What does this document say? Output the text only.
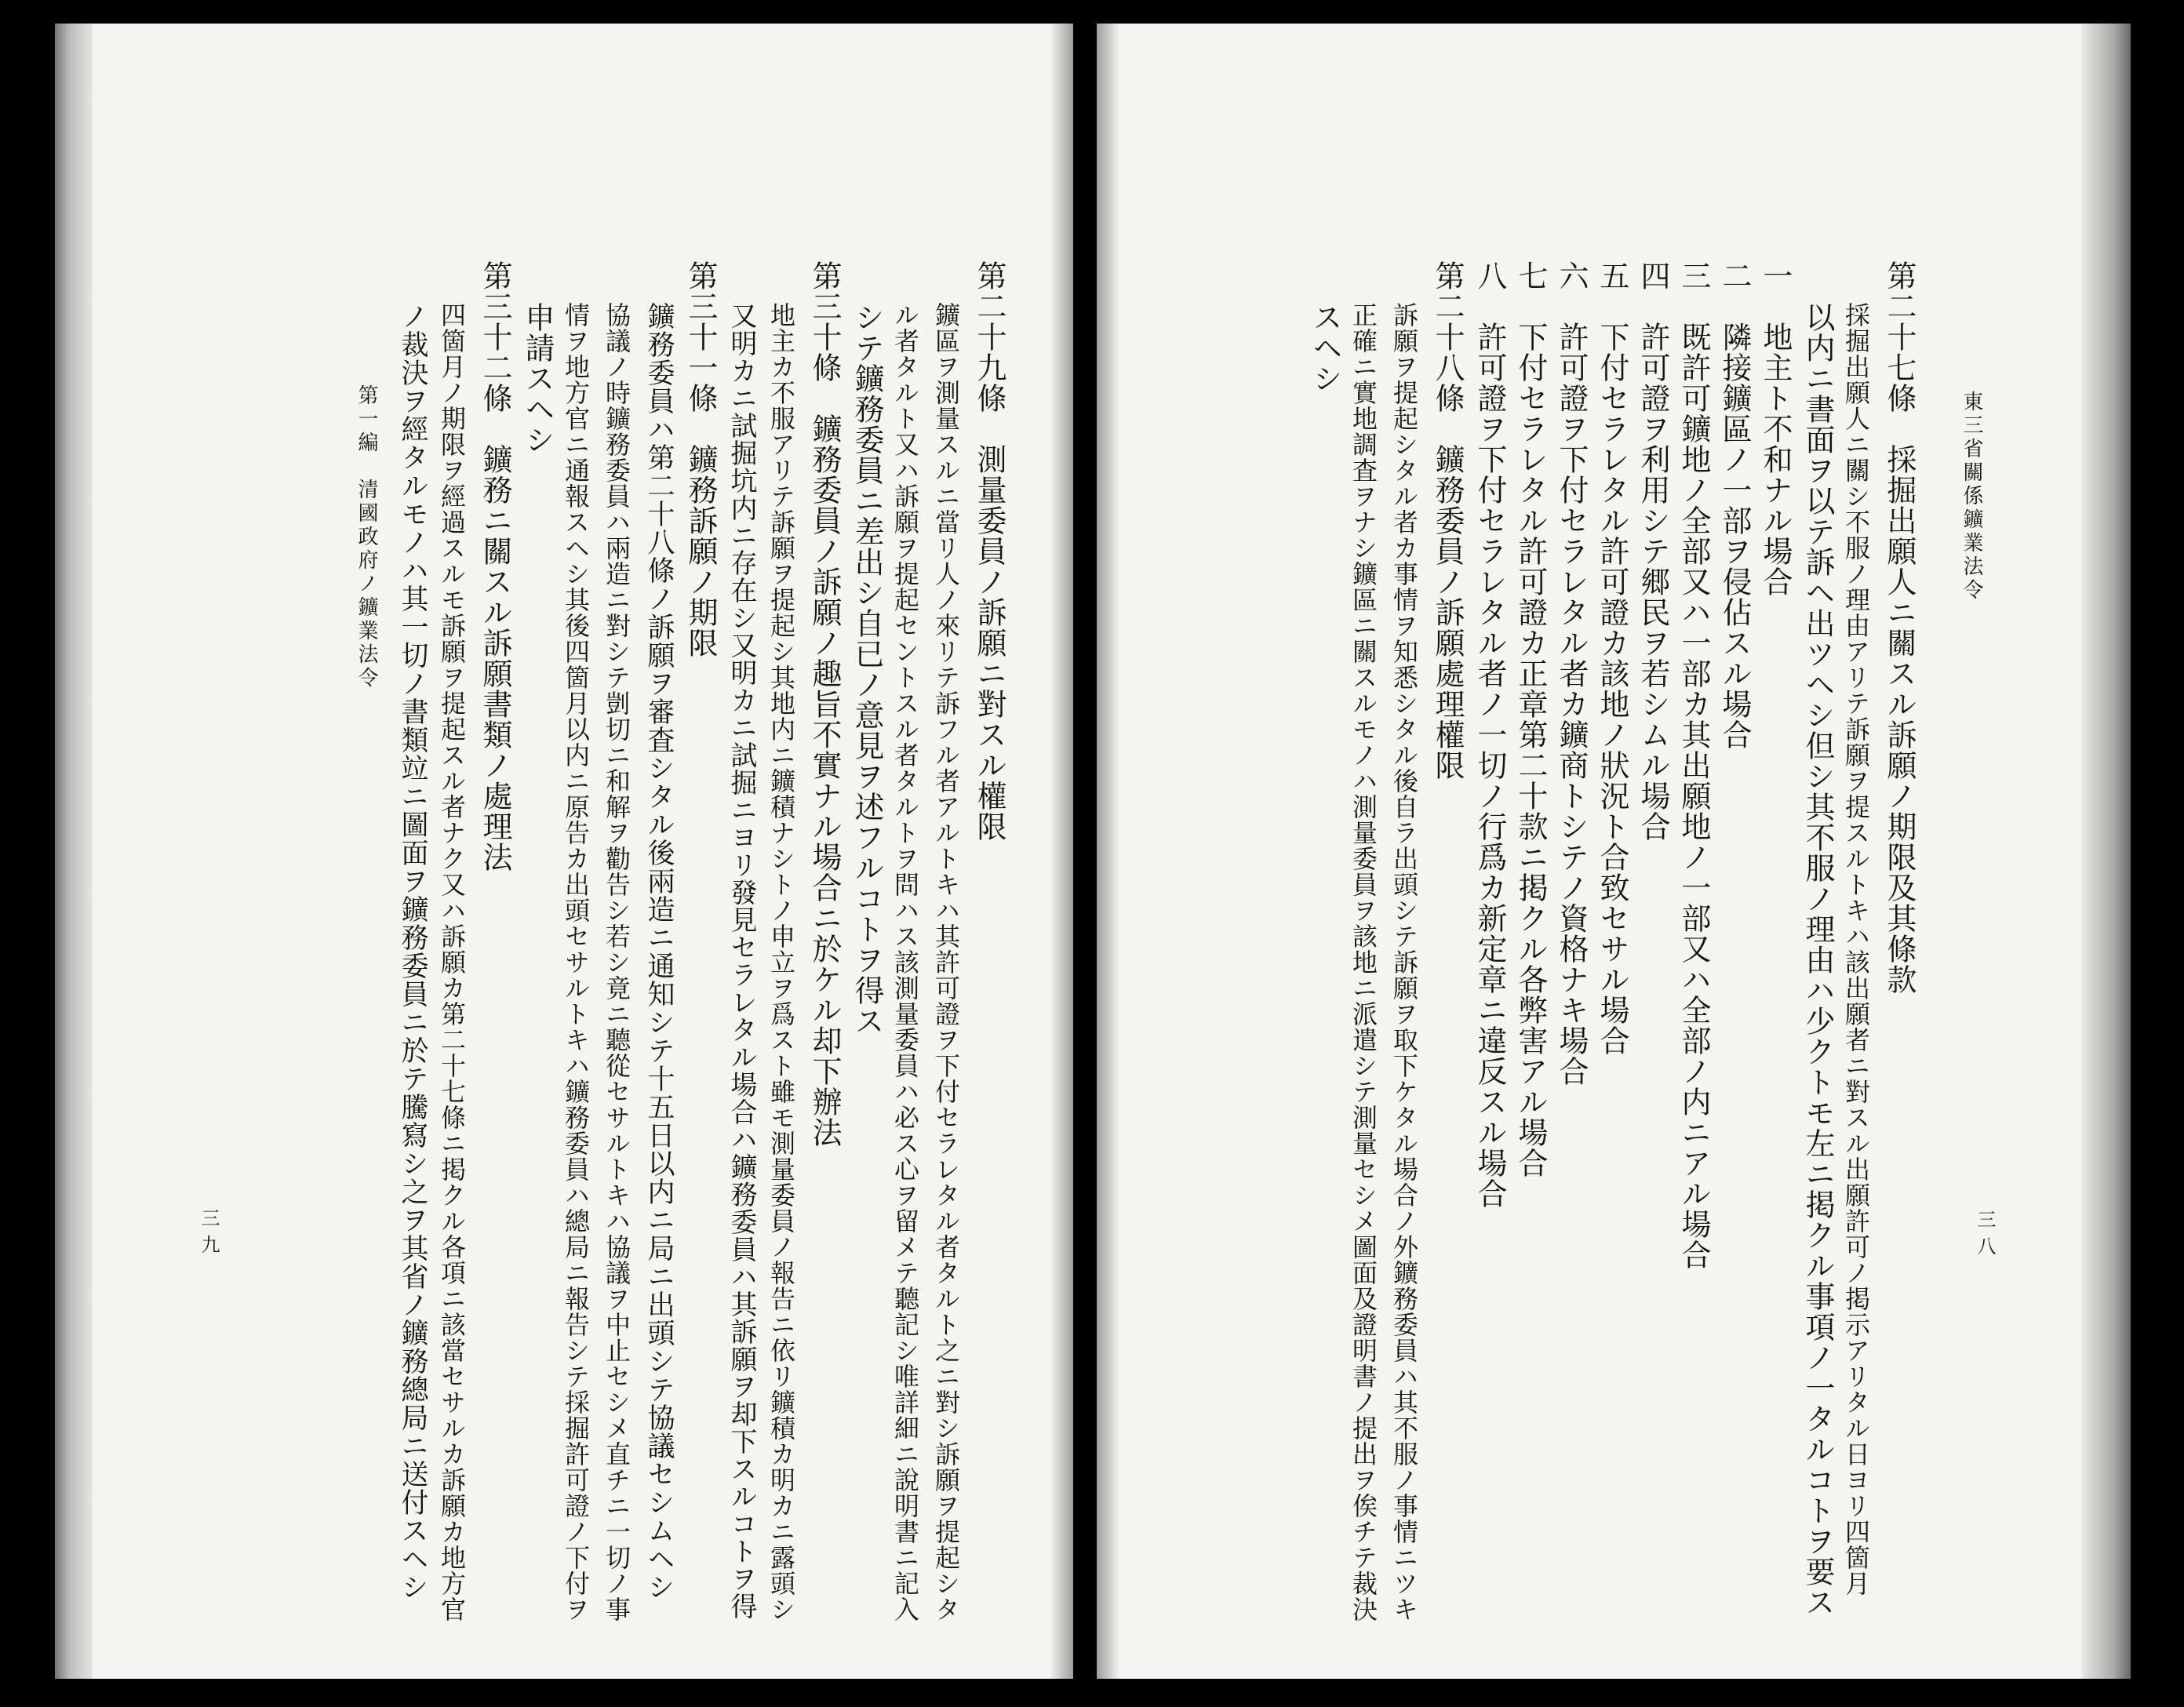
第二十九條　測量委員ノ訴願ニ對スル權限
鑛區ヲ測量スルニ當リ人ノ來リテ訴フル者アルトキハ其許可證ヲ下付セラレタル者タルト之ニ對シ訴願ヲ提起シタ
ル者タルト又ハ訴願ヲ提起セントスル者タルトヲ問ハス該測量委員ハ必ス心ヲ留メテ聽記シ唯詳細ニ說明書ニ記入
シテ鑛務委員ニ差出シ自已ノ意見ヲ述フルコトヲ得ス
第三十條　鑛務委員ノ訴願ノ趣旨不實ナル場合ニ於ケル却下辦法
地主カ不服アリテ訴願ヲ提起シ其地内ニ鑛積ナシトノ申立ヲ爲スト雖モ測量委員ノ報告ニ依リ鑛積カ明カニ露頭シ
又明カニ試掘坑内ニ存在シ又明カニ試掘ニヨリ發見セラレタル場合ハ鑛務委員ハ其訴願ヲ却下スルコトヲ得
第三十一條　鑛務訴願ノ期限
鑛務委員ハ第二十八條ノ訴願ヲ審査シタル後兩造ニ通知シテ十五日以内ニ局ニ出頭シテ協議セシムヘシ
協議ノ時鑛務委員ハ兩造ニ對シテ剴切ニ和解ヲ勸告シ若シ竟ニ聽從セサルトキハ協議ヲ中止セシメ直チニ一切ノ事
情ヲ地方官ニ通報スヘシ其後四箇月以内ニ原告カ出頭セサルトキハ鑛務委員ハ總局ニ報告シテ採掘許可證ノ下付ヲ
申請スヘシ
第三十二條　鑛務ニ關スル訴願書類ノ處理法
四箇月ノ期限ヲ經過スルモ訴願ヲ提起スル者ナク又ハ訴願カ第二十七條ニ掲クル各項ニ該當セサルカ訴願カ地方官
ノ裁決ヲ經タルモノハ其一切ノ書類竝ニ圖面ヲ鑛務委員ニ於テ騰寫シ之ヲ其省ノ鑛務總局ニ送付スヘシ
第一編　清國政府ノ鑛業法令
三九
東三省關係鑛業法令
三八
第二十七條　採掘出願人ニ關スル訴願ノ期限及其條款
採掘出願人ニ關シ不服ノ理由アリテ訴願ヲ提スルトキハ該出願者ニ對スル出願許可ノ掲示アリタル日ヨリ四箇月
以内ニ書面ヲ以テ訴ヘ出ツヘシ但シ其不服ノ理由ハ少クトモ左ニ掲クル事項ノ一タルコトヲ要ス
一　地主ト不和ナル場合
二　隣接鑛區ノ一部ヲ侵佔スル場合
三　既許可鑛地ノ全部又ハ一部カ其出願地ノ一部又ハ全部ノ内ニアル場合
四　許可證ヲ利用シテ郷民ヲ若シムル場合
五　下付セラレタル許可證カ該地ノ狀況ト合致セサル場合
六　許可證ヲ下付セラレタル者カ鑛商トシテノ資格ナキ場合
七　下付セラレタル許可證カ正章第二十款ニ掲クル各弊害アル場合
八　許可證ヲ下付セラレタル者ノ一切ノ行爲カ新定章ニ違反スル場合
第二十八條　鑛務委員ノ訴願處理權限
訴願ヲ提起シタル者カ事情ヲ知悉シタル後自ラ出頭シテ訴願ヲ取下ケタル場合ノ外鑛務委員ハ其不服ノ事情ニツキ
正確ニ實地調査ヲナシ鑛區ニ關スルモノハ測量委員ヲ該地ニ派遣シテ測量セシメ圖面及證明書ノ提出ヲ俟チテ裁決
スヘシ
